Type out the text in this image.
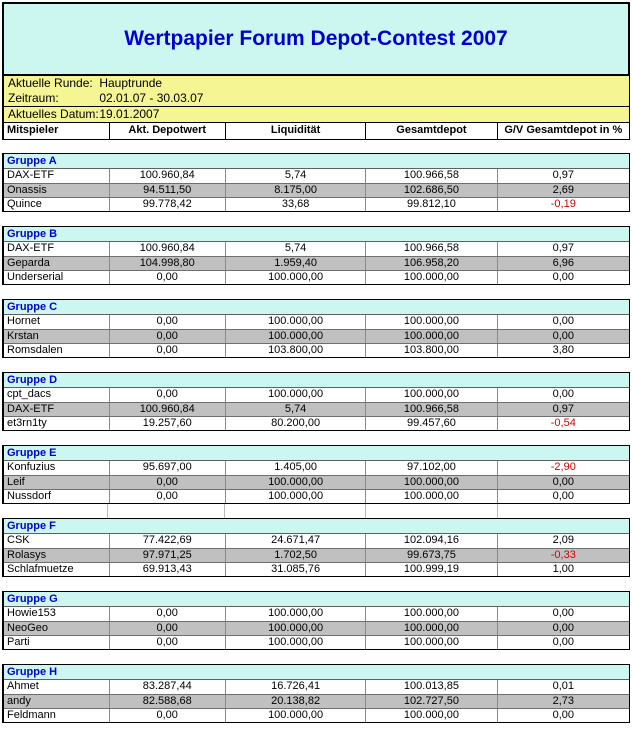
Wertpapier Forum Depot-Contest 2007
Aktuelle Runde: Hauptrunde
Zeitraum:	02.01.07 - 30.03.07
Aktuelles Datum: 19.01.2007
Mitspieler	Akt. Depotwert	Liquidität	Gesamtdepot	G/V Gesamtdepot in %
Gruppe A
DAX-ETF	100.960,84	5,74	100.966,58	0,97
Onassis	94.511,50	8.175,00	102.686,50	2,69
Quince	99.778,42	33,68	99.812,10	-0,19
Gruppe B
DAX-ETF	100.960,84	5,74	100.966,58	0,97
Geparda	104.998,80	1.959,40	106.958,20	6,96
Underserial	0,00	100.000,00	100.000,00	0,00
Gruppe C
Hornet	0,00	100.000,00	100.000,00	0,00
Krstan	0,00	100.000,00	100.000,00	0,00
Romsdalen	0,00	103.800,00	103.800,00	3,80
Gruppe D
cpt_dacs	0,00	100.000,00	100.000,00	0,00
DAX-ETF	100.960,84	5,74	100.966,58	0,97
et3rn1ty	19.257,60	80.200,00	99.457,60	-0,54
Gruppe E
Konfuzius	95.697,00	1.405,00	97.102,00	-2,90
Leif	0,00	100.000,00	100.000,00	0,00
Nussdorf	0,00	100.000,00	100.000,00	0,00
Gruppe F
CSK	77.422,69	24.671,47	102.094,16	2,09
Rolasys	97.971,25	1.702,50	99.673,75	-0,33
Schlafmuetze	69.913,43	31.085,76	100.999,19	1,00
Gruppe G
Howie153	0,00	100.000,00	100.000,00	0,00
NeoGeo	0,00	100.000,00	100.000,00	0,00
Parti	0,00	100.000,00	100.000,00	0,00
Gruppe H
Ahmet	83.287,44	16.726,41	100.013,85	0,01
andy	82.588,68	20.138,82	102.727,50	2,73
Feldmann	0,00	100.000,00	100.000,00	0,00
